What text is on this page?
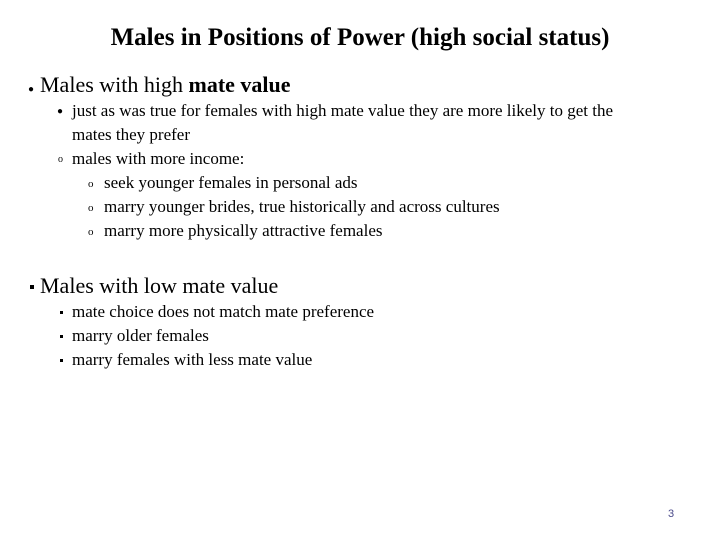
Males in Positions of Power (high social status)
● Males with high mate value
● just as was true for females with high mate value they are more likely to get the
mates they prefer
o males with more income:
o seek younger females in personal ads
o marry younger brides, true historically and across cultures
o marry more physically attractive females
Males with low mate value
mate choice does not match mate preference
marry older females
marry females with less mate value
3
